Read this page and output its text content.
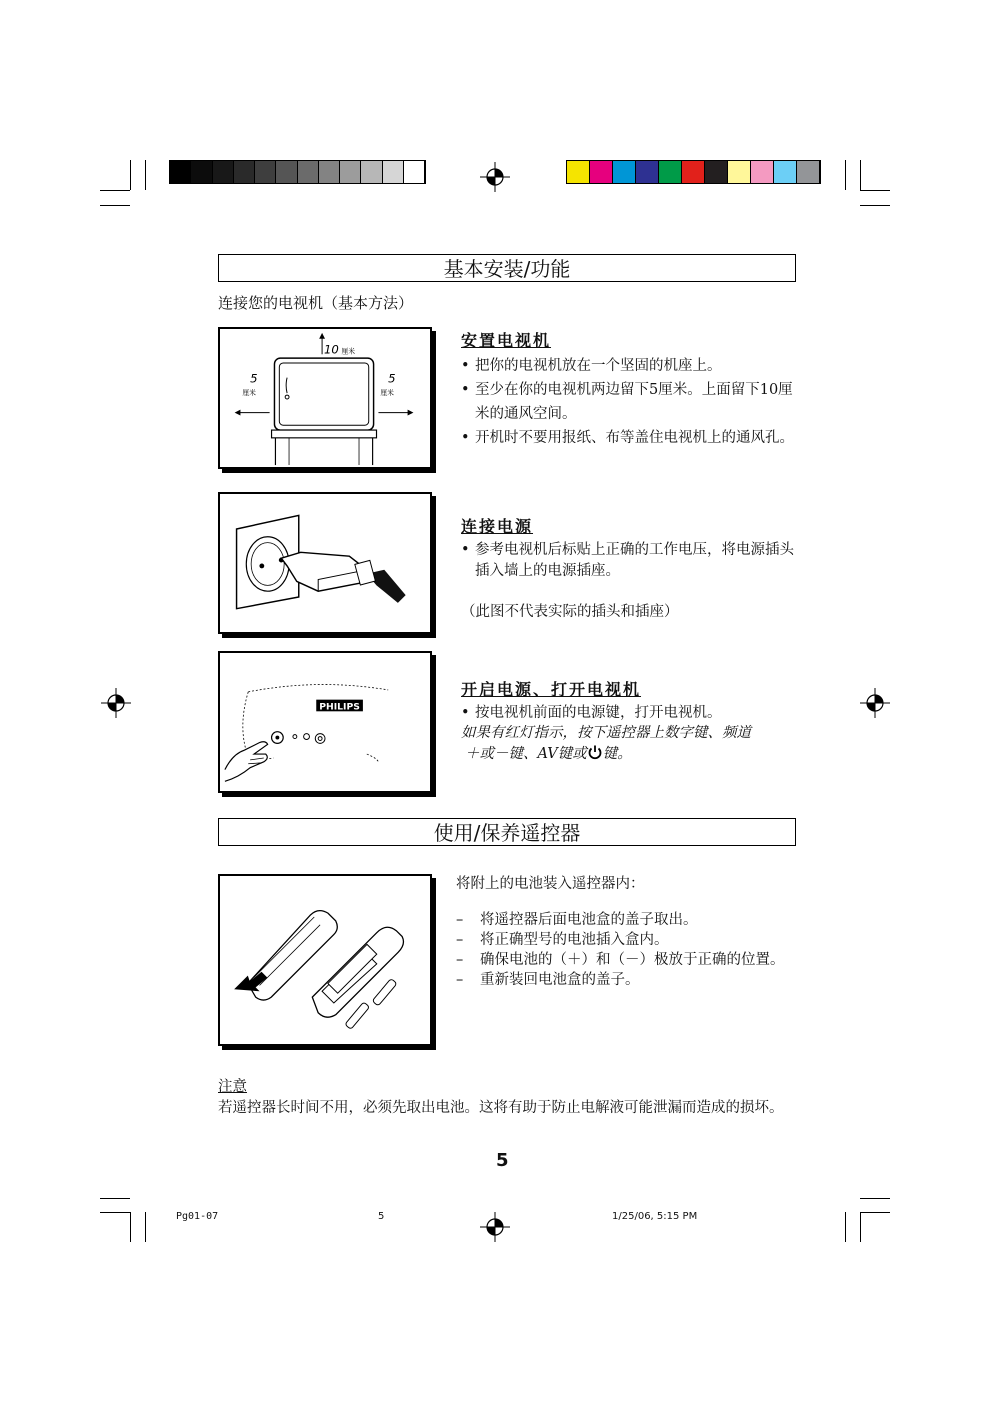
基本安装/功能
连接您的电视机（基本方法）
10 厘米
5
厘米
5
厘米
安置电视机
• 把你的电视机放在一个坚固的机座上。
• 至少在你的电视机两边留下5厘米。上面留下10厘米的通风空间。
• 开机时不要用报纸、布等盖住电视机上的通风孔。
连接电源
• 参考电视机后标贴上正确的工作电压，将电源插头插入墙上的电源插座。
（此图不代表实际的插头和插座）
PHILIPS
开启电源、打开电视机
• 按电视机前面的电源键，打开电视机。
如果有红灯指示，按下遥控器上数字键、频道
＋或－键、AV键或 键。
使用/保养遥控器
将附上的电池装入遥控器内：
– 将遥控器后面电池盒的盖子取出。
– 将正确型号的电池插入盒内。
– 确保电池的（＋）和（－）极放于正确的位置。
– 重新装回电池盒的盖子。
注意
若遥控器长时间不用，必须先取出电池。这将有助于防止电解液可能泄漏而造成的损坏。
5
Pg01-07	5	1/25/06, 5:15 PM
